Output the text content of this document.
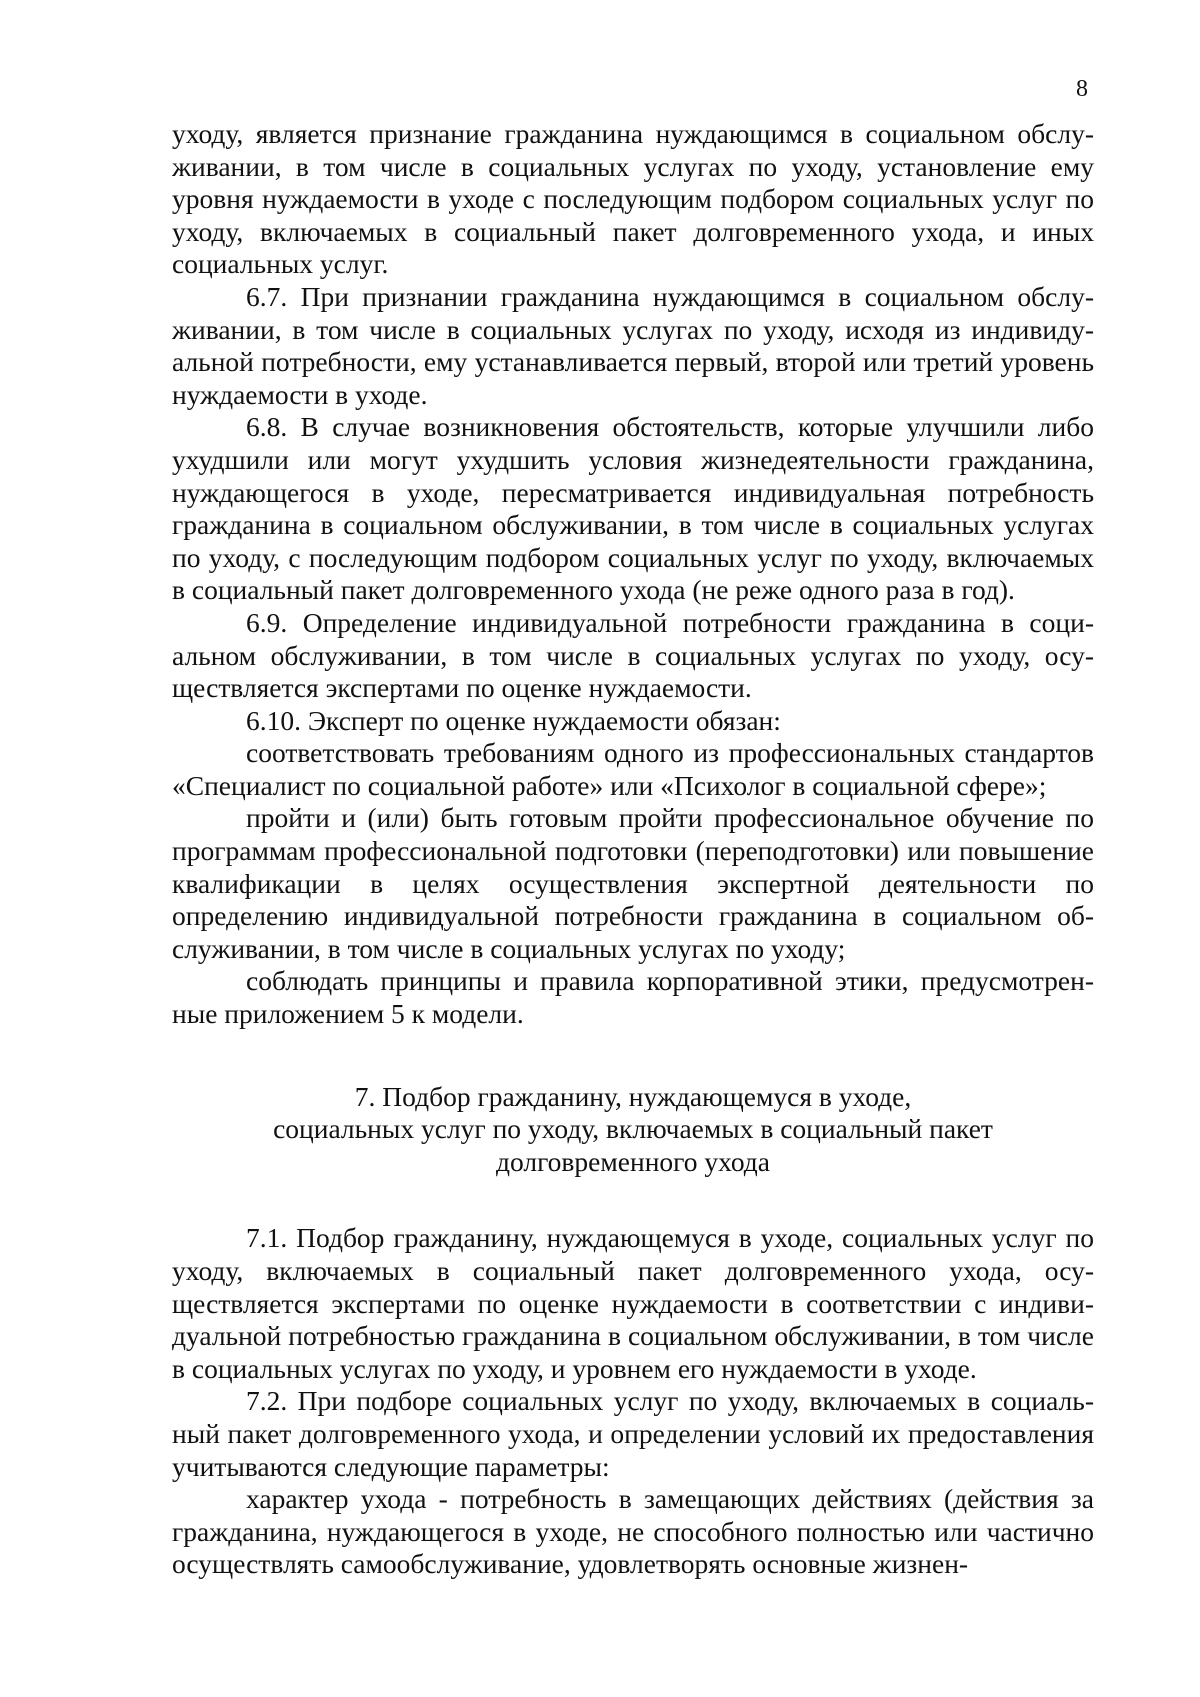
8

уходу, является признание гражданина нуждающимся в социальном обслуживании, в том числе в социальных услугах по уходу, установление ему уровня нуждаемости в уходе с последующим подбором социальных услуг по уходу, включаемых в социальный пакет долговременного ухода, и иных социальных услуг.

6.7. При признании гражданина нуждающимся в социальном обслуживании, в том числе в социальных услугах по уходу, исходя из индивидуальной потребности, ему устанавливается первый, второй или третий уровень нуждаемости в уходе.

6.8. В случае возникновения обстоятельств, которые улучшили либо ухудшили или могут ухудшить условия жизнедеятельности гражданина, нуждающегося в уходе, пересматривается индивидуальная потребность гражданина в социальном обслуживании, в том числе в социальных услугах по уходу, с последующим подбором социальных услуг по уходу, включаемых в социальный пакет долговременного ухода (не реже одного раза в год).

6.9. Определение индивидуальной потребности гражданина в социальном обслуживании, в том числе в социальных услугах по уходу, осуществляется экспертами по оценке нуждаемости.

6.10. Эксперт по оценке нуждаемости обязан:

соответствовать требованиям одного из профессиональных стандартов «Специалист по социальной работе» или «Психолог в социальной сфере»;

пройти и (или) быть готовым пройти профессиональное обучение по программам профессиональной подготовки (переподготовки) или повышение квалификации в целях осуществления экспертной деятельности по определению индивидуальной потребности гражданина в социальном обслуживании, в том числе в социальных услугах по уходу;

соблюдать принципы и правила корпоративной этики, предусмотренные приложением 5 к модели.

7. Подбор гражданину, нуждающемуся в уходе,
социальных услуг по уходу, включаемых в социальный пакет
долговременного ухода

7.1. Подбор гражданину, нуждающемуся в уходе, социальных услуг по уходу, включаемых в социальный пакет долговременного ухода, осуществляется экспертами по оценке нуждаемости в соответствии с индивидуальной потребностью гражданина в социальном обслуживании, в том числе в социальных услугах по уходу, и уровнем его нуждаемости в уходе.

7.2. При подборе социальных услуг по уходу, включаемых в социальный пакет долговременного ухода, и определении условий их предоставления учитываются следующие параметры:

характер ухода - потребность в замещающих действиях (действия за гражданина, нуждающегося в уходе, не способного полностью или частично осуществлять самообслуживание, удовлетворять основные жизнен-
